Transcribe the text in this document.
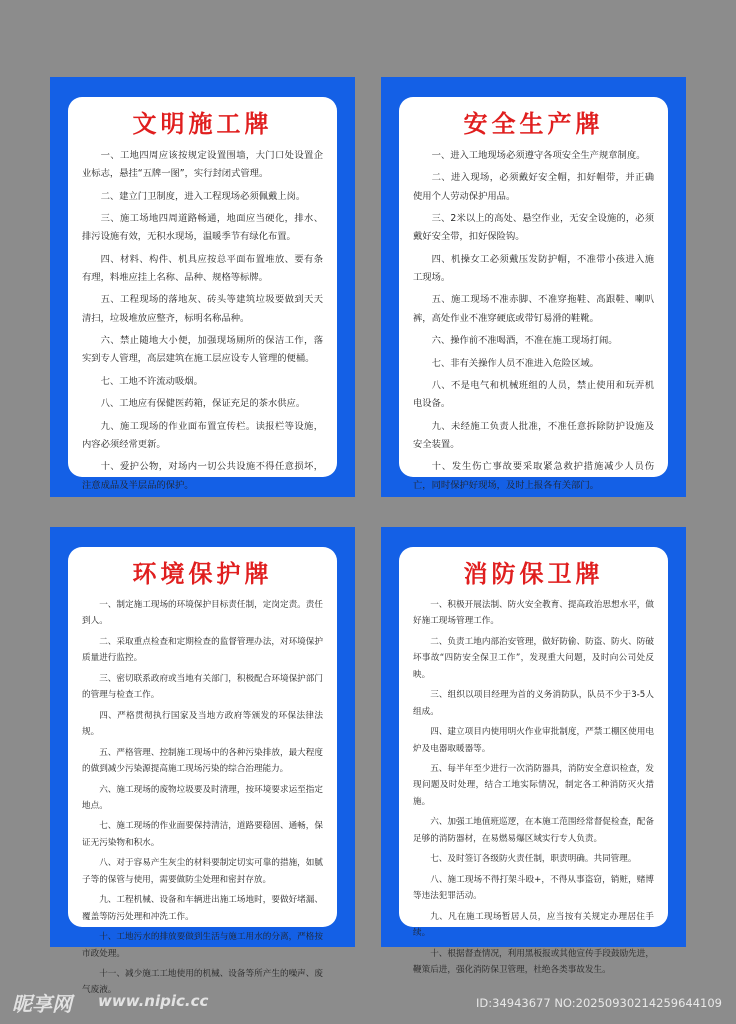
文明施工牌
一、工地四周应该按规定设置围墙，大门口处设置企业标志，悬挂“五牌一图”，实行封闭式管理。
二、建立门卫制度，进入工程现场必须佩戴上岗。
三、施工场地四周道路畅通，地面应当硬化，排水、排污设施有效，无积水现场，温暖季节有绿化布置。
四、材料、构件、机具应按总平面布置堆放、要有条有理，料堆应挂上名称、品种、规格等标牌。
五、工程现场的落地灰、砖头等建筑垃圾要做到天天清扫，垃圾堆放应整齐，标明名称品种。
六、禁止随地大小便，加强现场厕所的保洁工作，落实到专人管理，高层建筑在施工层应设专人管理的便桶。
七、工地不许流动吸烟。
八、工地应有保健医药箱，保证充足的茶水供应。
九、施工现场的作业面布置宣传栏。读报栏等设施，内容必须经常更新。
十、爱护公物，对场内一切公共设施不得任意损坏，注意成品及半层品的保护。
安全生产牌
一、进入工地现场必须遵守各项安全生产规章制度。
二、进入现场，必须戴好安全帽，扣好帽带，并正确使用个人劳动保护用品。
三、2米以上的高处、悬空作业，无安全设施的，必须戴好安全带，扣好保险钩。
四、机操女工必须戴压发防护帽，不准带小孩进入施工现场。
五、施工现场不准赤脚、不准穿拖鞋、高跟鞋、喇叭裤，高处作业不准穿硬底或带钉易滑的鞋靴。
六、操作前不准喝酒，不准在施工现场打闹。
七、非有关操作人员不准进入危险区域。
八、不是电气和机械班组的人员，禁止使用和玩弄机电设备。
九、未经施工负责人批准，不准任意拆除防护设施及安全装置。
十、发生伤亡事故要采取紧急救护措施减少人员伤亡，同时保护好现场，及时上报各有关部门。
环境保护牌
一、制定施工现场的环境保护目标责任制，定岗定责。责任到人。
二、采取重点检查和定期检查的监督管理办法，对环境保护质量进行监控。
三、密切联系政府或当地有关部门，积极配合环境保护部门的管理与检查工作。
四、严格贯彻执行国家及当地方政府等颁发的环保法律法规。
五、严格管理、控制施工现场中的各种污染排放，最大程度的做到减少污染源提高施工现场污染的综合治理能力。
六、施工现场的废物垃圾要及时清理，按环境要求运至指定地点。
七、施工现场的作业面要保持清洁，道路要稳固、通畅，保证无污染物和积水。
八、对于容易产生灰尘的材料要制定切实可靠的措施，如腻子等的保管与使用，需要做防尘处理和密封存放。
九、工程机械、设备和车辆进出施工场地时，要做好堵漏、覆盖等防污处理和冲洗工作。
十、工地污水的排放要做到生活与施工用水的分离，严格按市政处理。
十一、减少施工工地使用的机械、设备等所产生的噪声、废气废液。
消防保卫牌
一、积极开展法制、防火安全教育、提高政治思想水平，做好施工现场管理工作。
二、负责工地内部治安管理，做好防偷、防盗、防火、防破坏事故“四防安全保卫工作”，发现重大问题，及时向公司处反映。
三、组织以项目经理为首的义务消防队，队员不少于3-5人组成。
四、建立项目内使用明火作业审批制度，严禁工棚区使用电炉及电器取暖器等。
五、每半年至少进行一次消防器具，消防安全意识检查，发现问题及时处理，结合工地实际情况，制定各工种消防灭火措施。
六、加强工地值班巡逻，在本施工范围经常督促检查，配备足够的消防器材，在易燃易爆区域实行专人负责。
七、及时签订各级防火责任制，职责明确。共同管理。
八、施工现场不得打架斗殴+，不得从事盗窃，销赃，赌博等违法犯罪活动。
九、凡在施工现场暂居人员，应当按有关规定办理居住手续。
十、根据督查情况，利用黑板报或其他宣传手段鼓励先进，鞭策后进，强化消防保卫管理，杜绝各类事故发生。
昵享网 www.nipic.cc	ID:34943677 NO:20250930214259644109
